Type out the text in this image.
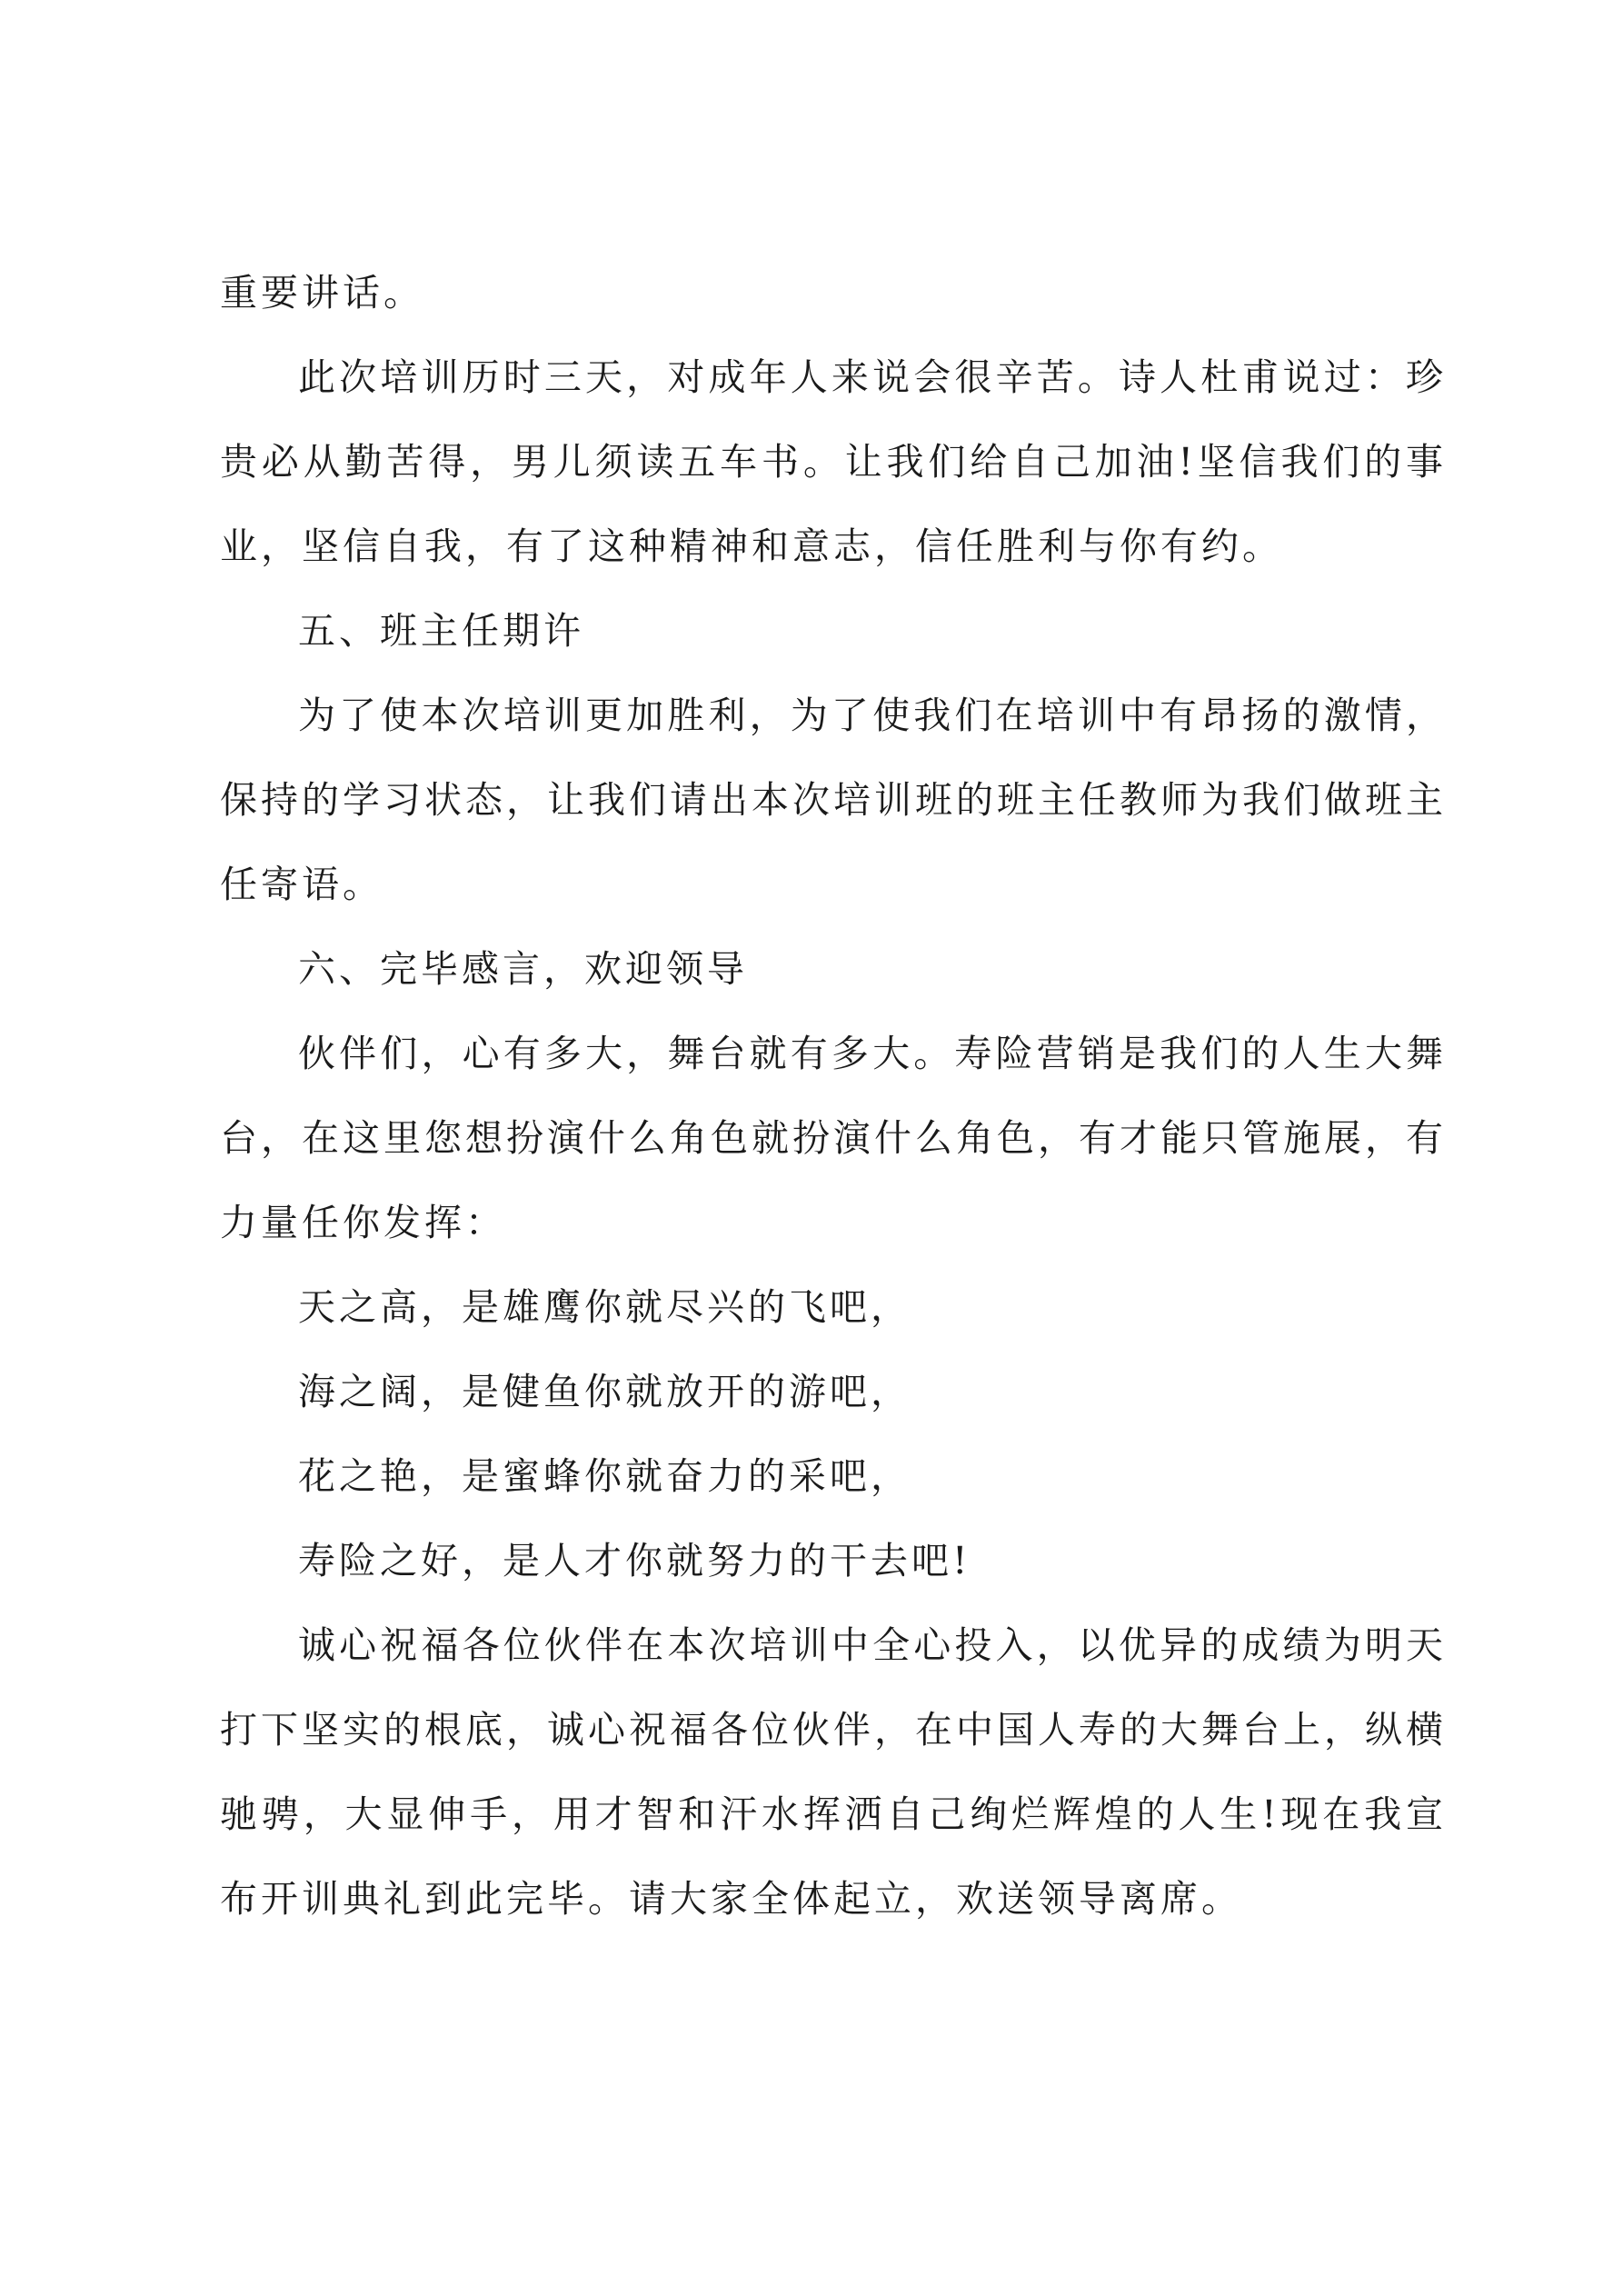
重要讲话。

此次培训历时三天，对成年人来说会很辛苦。诗人杜甫说过：珍贵必从勤苦得，男儿须读五车书。让我们给自己加油!坚信我们的事业，坚信自我，有了这种精神和意志，信任胜利与你有约。

五、班主任期许

为了使本次培训更加胜利，为了使我们在培训中有昂扬的激情，保持的学习状态，让我们请出本次培训班的班主任教师为我们做班主任寄语。

六、完毕感言，欢迎领导

伙伴们，心有多大，舞台就有多大。寿险营销是我们的人生大舞台，在这里您想扮演什么角色就扮演什么角色，有才能只管施展，有力量任你发挥：

天之高，是雄鹰你就尽兴的飞吧，

海之阔，是健鱼你就放开的游吧，

花之艳，是蜜蜂你就奋力的采吧，

寿险之好，是人才你就努力的干去吧!

诚心祝福各位伙伴在本次培训中全心投入，以优异的成绩为明天打下坚实的根底，诚心祝福各位伙伴，在中国人寿的大舞台上，纵横驰骋，大显伸手，用才智和汗水挥洒自己绚烂辉煌的人生!现在我宣布开训典礼到此完毕。请大家全体起立，欢送领导离席。
